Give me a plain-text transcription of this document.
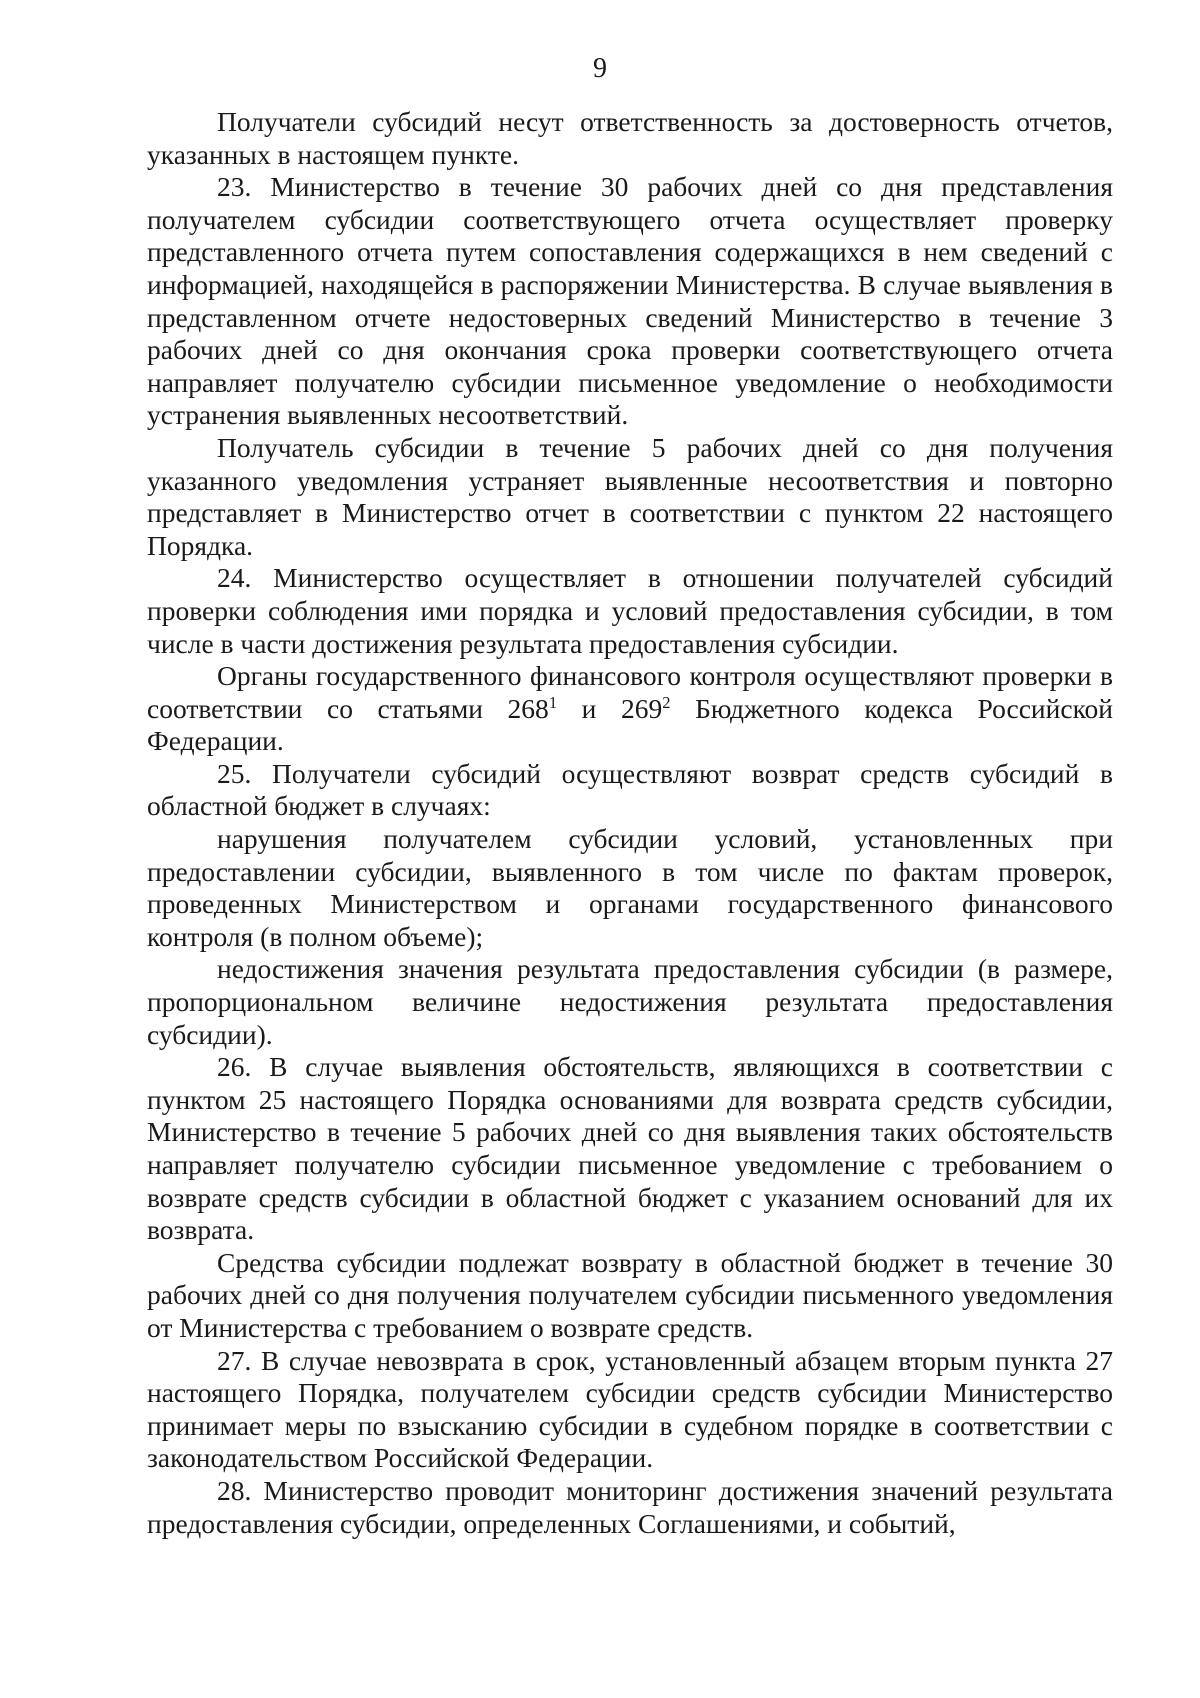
9

Получатели субсидий несут ответственность за достоверность отчетов, указанных в настоящем пункте.

23. Министерство в течение 30 рабочих дней со дня представления получателем субсидии соответствующего отчета осуществляет проверку представленного отчета путем сопоставления содержащихся в нем сведений с информацией, находящейся в распоряжении Министерства. В случае выявления в представленном отчете недостоверных сведений Министерство в течение 3 рабочих дней со дня окончания срока проверки соответствующего отчета направляет получателю субсидии письменное уведомление о необходимости устранения выявленных несоответствий.

Получатель субсидии в течение 5 рабочих дней со дня получения указанного уведомления устраняет выявленные несоответствия и повторно представляет в Министерство отчет в соответствии с пунктом 22 настоящего Порядка.

24. Министерство осуществляет в отношении получателей субсидий проверки соблюдения ими порядка и условий предоставления субсидии, в том числе в части достижения результата предоставления субсидии.

Органы государственного финансового контроля осуществляют проверки в соответствии со статьями $268^1$ и $269^2$ Бюджетного кодекса Российской Федерации.

25. Получатели субсидий осуществляют возврат средств субсидий в областной бюджет в случаях:

нарушения получателем субсидии условий, установленных при предоставлении субсидии, выявленного в том числе по фактам проверок, проведенных Министерством и органами государственного финансового контроля (в полном объеме);

недостижения значения результата предоставления субсидии (в размере, пропорциональном величине недостижения результата предоставления субсидии).

26. В случае выявления обстоятельств, являющихся в соответствии с пунктом 25 настоящего Порядка основаниями для возврата средств субсидии, Министерство в течение 5 рабочих дней со дня выявления таких обстоятельств направляет получателю субсидии письменное уведомление с требованием о возврате средств субсидии в областной бюджет с указанием оснований для их возврата.

Средства субсидии подлежат возврату в областной бюджет в течение 30 рабочих дней со дня получения получателем субсидии письменного уведомления от Министерства с требованием о возврате средств.

27. В случае невозврата в срок, установленный абзацем вторым пункта 27 настоящего Порядка, получателем субсидии средств субсидии Министерство принимает меры по взысканию субсидии в судебном порядке в соответствии с законодательством Российской Федерации.

28. Министерство проводит мониторинг достижения значений результата предоставления субсидии, определенных Соглашениями, и событий,
